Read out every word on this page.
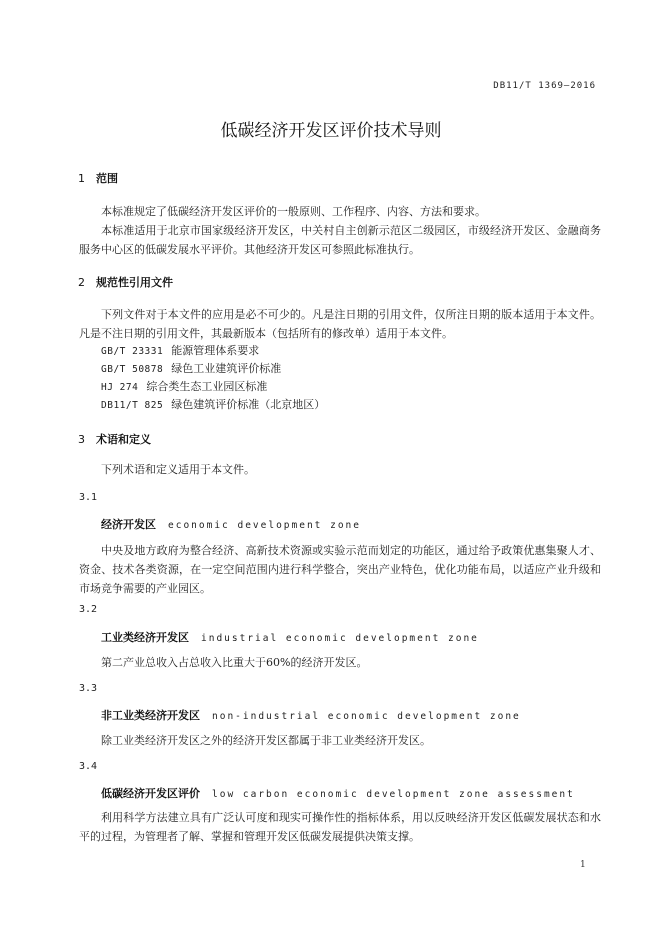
DB11/T 1369—2016
低碳经济开发区评价技术导则
1 范围
本标准规定了低碳经济开发区评价的一般原则、工作程序、内容、方法和要求。
本标准适用于北京市国家级经济开发区，中关村自主创新示范区二级园区，市级经济开发区、金融商务服务中心区的低碳发展水平评价。其他经济开发区可参照此标准执行。
2 规范性引用文件
下列文件对于本文件的应用是必不可少的。凡是注日期的引用文件，仅所注日期的版本适用于本文件。凡是不注日期的引用文件，其最新版本（包括所有的修改单）适用于本文件。
GB/T 23331 能源管理体系要求
GB/T 50878 绿色工业建筑评价标准
HJ 274 综合类生态工业园区标准
DB11/T 825 绿色建筑评价标准（北京地区）
3 术语和定义
下列术语和定义适用于本文件。
3.1
经济开发区 economic development zone
中央及地方政府为整合经济、高新技术资源或实验示范而划定的功能区，通过给予政策优惠集聚人才、资金、技术各类资源，在一定空间范围内进行科学整合，突出产业特色，优化功能布局，以适应产业升级和市场竞争需要的产业园区。
3.2
工业类经济开发区 industrial economic development zone
第二产业总收入占总收入比重大于60%的经济开发区。
3.3
非工业类经济开发区 non-industrial economic development zone
除工业类经济开发区之外的经济开发区都属于非工业类经济开发区。
3.4
低碳经济开发区评价 low carbon economic development zone assessment
利用科学方法建立具有广泛认可度和现实可操作性的指标体系，用以反映经济开发区低碳发展状态和水平的过程，为管理者了解、掌握和管理开发区低碳发展提供决策支撑。
1
